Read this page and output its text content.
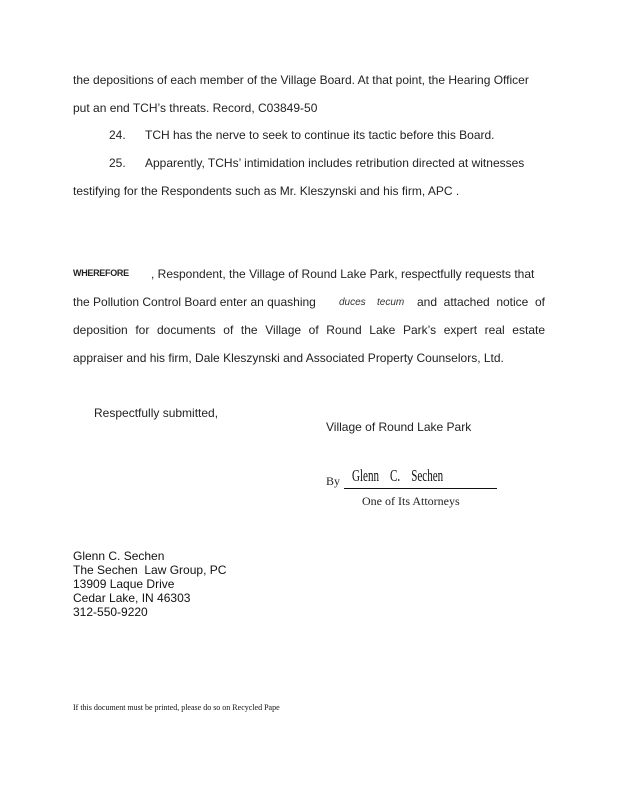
the depositions of each member of the Village Board. At that point, the Hearing Officer
put an end TCH’s threats. Record, C03849-50
24. TCH has the nerve to seek to continue its tactic before this Board.
25. Apparently, TCHs’ intimidation includes retribution directed at witnesses
testifying for the Respondents such as Mr. Kleszynski and his firm, APC .
WHEREFORE , Respondent, the Village of Round Lake Park, respectfully requests that
the Pollution Control Board enter an quashing duces tecum and attached notice of
deposition for documents of the Village of Round Lake Park’s expert real estate
appraiser and his firm, Dale Kleszynski and Associated Property Counselors, Ltd.
Respectfully submitted,
Village of Round Lake Park
By Glenn    C.    Sechen
One of Its Attorneys
Glenn C. Sechen
The Sechen  Law Group, PC
13909 Laque Drive
Cedar Lake, IN 46303
312-550-9220
If this document must be printed, please do so on Recycled Pape
